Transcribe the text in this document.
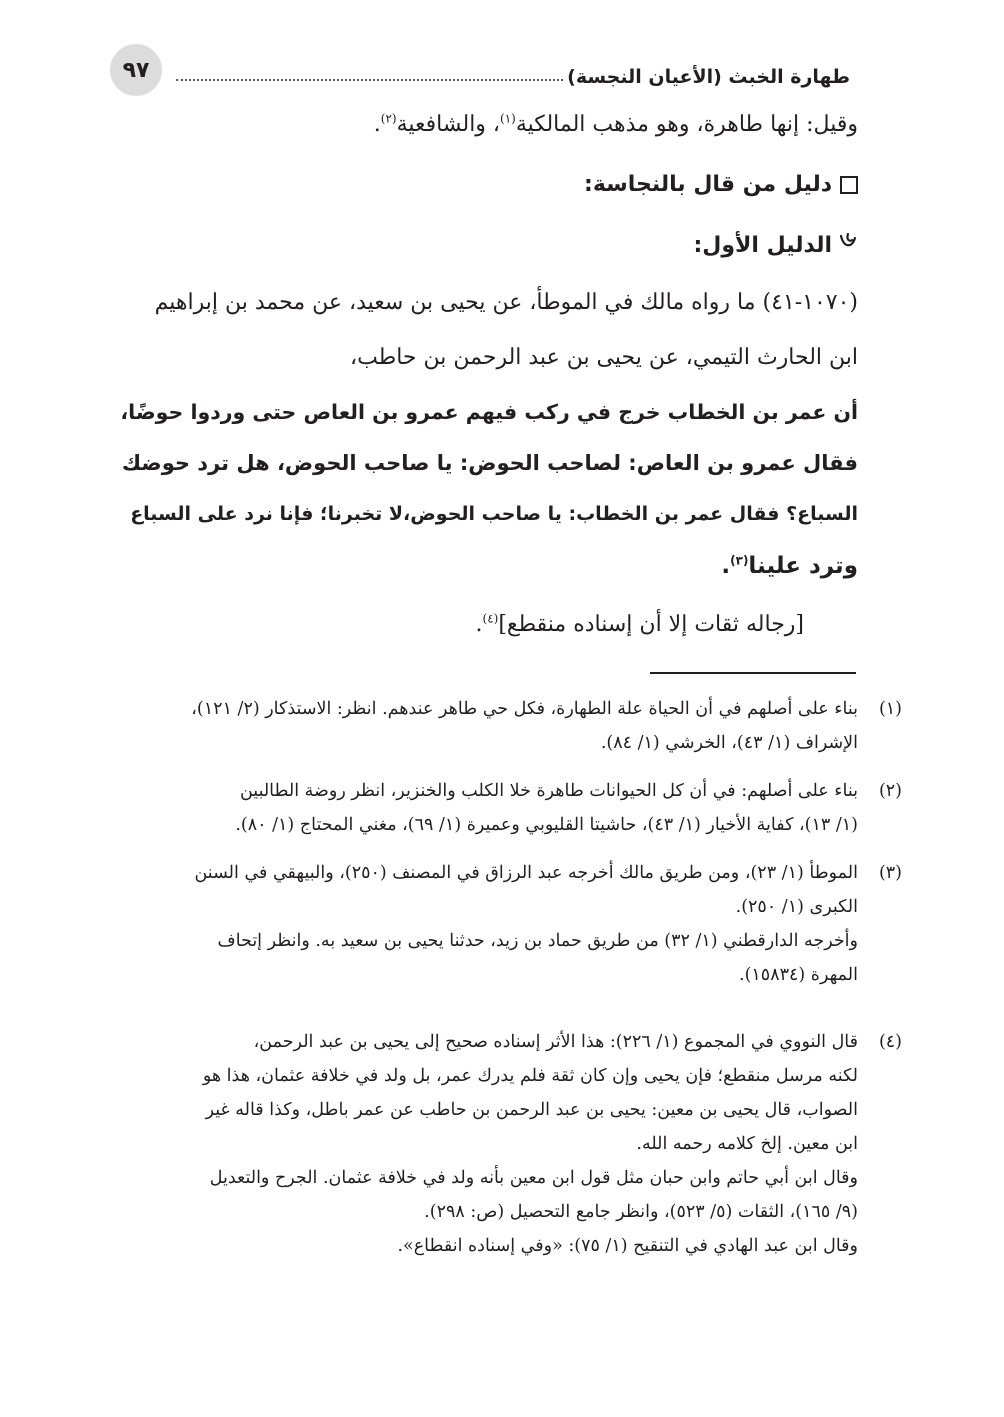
٩٧	طهارة الخبث (الأعيان النجسة)

وقيل: إنها طاهرة، وهو مذهب المالكية$^{(١)}$، والشافعية$^{(٢)}$.

دليل من قال بالنجاسة:

الدليل الأول:

(١٠٧٠-٤١) ما رواه مالك في الموطأ، عن يحيى بن سعيد، عن محمد بن إبراهيم

ابن الحارث التيمي، عن يحيى بن عبد الرحمن بن حاطب،

أن عمر بن الخطاب خرج في ركب فيهم عمرو بن العاص حتى وردوا حوضًا،

فقال عمرو بن العاص: لصاحب الحوض: يا صاحب الحوض، هل ترد حوضك

السباع؟ فقال عمر بن الخطاب: يا صاحب الحوض،لا تخبرنا؛ فإنا نرد على السباع

وترد علينا$^{(٣)}$.

[رجاله ثقات إلا أن إسناده منقطع]$^{(٤)}$.

(١)
بناء على أصلهم في أن الحياة علة الطهارة، فكل حي طاهر عندهم. انظر: الاستذكار (٢/ ١٢١)،
الإشراف (١/ ٤٣)، الخرشي (١/ ٨٤).
(٢)
بناء على أصلهم: في أن كل الحيوانات طاهرة خلا الكلب والخنزير، انظر روضة الطالبين
(١/ ١٣)، كفاية الأخيار (١/ ٤٣)، حاشيتا القليوبي وعميرة (١/ ٦٩)، مغني المحتاج (١/ ٨٠).
(٣)
الموطأ (١/ ٢٣)، ومن طريق مالك أخرجه عبد الرزاق في المصنف (٢٥٠)، والبيهقي في السنن
الكبرى (١/ ٢٥٠).
وأخرجه الدارقطني (١/ ٣٢) من طريق حماد بن زيد، حدثنا يحيى بن سعيد به. وانظر إتحاف
المهرة (١٥٨٣٤).
(٤)
قال النووي في المجموع (١/ ٢٢٦): هذا الأثر إسناده صحيح إلى يحيى بن عبد الرحمن،
لكنه مرسل منقطع؛ فإن يحيى وإن كان ثقة فلم يدرك عمر، بل ولد في خلافة عثمان، هذا هو
الصواب، قال يحيى بن معين: يحيى بن عبد الرحمن بن حاطب عن عمر باطل، وكذا قاله غير
ابن معين. إلخ كلامه رحمه الله.
وقال ابن أبي حاتم وابن حبان مثل قول ابن معين بأنه ولد في خلافة عثمان. الجرح والتعديل
(٩/ ١٦٥)، الثقات (٥/ ٥٢٣)، وانظر جامع التحصيل (ص: ٢٩٨).
وقال ابن عبد الهادي في التنقيح (١/ ٧٥): «وفي إسناده انقطاع».
